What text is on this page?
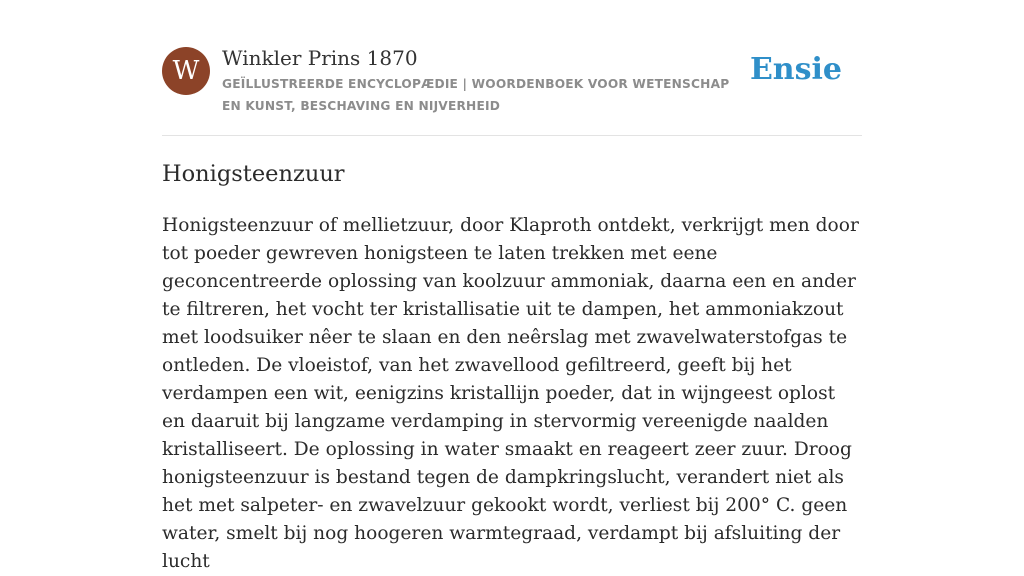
W	Winkler Prins 1870
GEÏLLUSTREERDE ENCYCLOPÆDIE | WOORDENBOEK VOOR WETENSCHAP EN KUNST, BESCHAVING EN NIJVERHEID
Ensie
Honigsteenzuur

Honigsteenzuur of mellietzuur, door Klaproth ontdekt, verkrijgt men door tot poeder gewreven honigsteen te laten trekken met eene geconcentreerde oplossing van koolzuur ammoniak, daarna een en ander te filtreren, het vocht ter kristallisatie uit te dampen, het ammoniakzout met loodsuiker nêer te slaan en den neêrslag met zwavelwaterstofgas te ontleden. De vloeistof, van het zwavellood gefiltreerd, geeft bij het verdampen een wit, eenigzins kristallijn poeder, dat in wijngeest oplost en daaruit bij langzame verdamping in stervormig vereenigde naalden kristalliseert. De oplossing in water smaakt en reageert zeer zuur. Droog honigsteenzuur is bestand tegen de dampkringslucht, verandert niet als het met salpeter- en zwavelzuur gekookt wordt, verliest bij 200° C. geen water, smelt bij nog hoogeren warmtegraad, verdampt bij afsluiting der lucht
